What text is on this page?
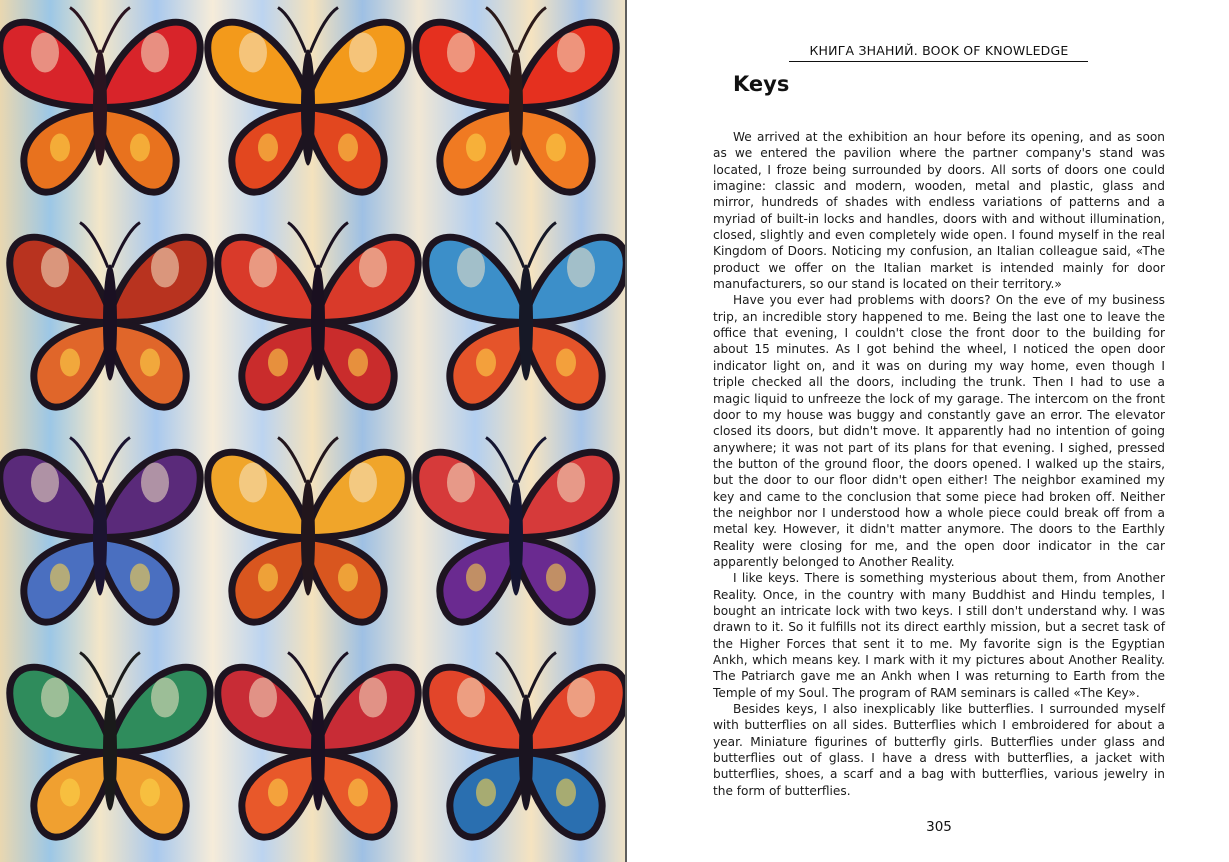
КНИГА ЗНАНИЙ. BOOK OF KNOWLEDGE
Keys

We arrived at the exhibition an hour before its opening, and as soon as we entered the pavilion where the partner company's stand was located, I froze being surrounded by doors. All sorts of doors one could imagine: classic and modern, wooden, metal and plastic, glass and mirror, hundreds of shades with endless variations of patterns and a myriad of built-in locks and handles, doors with and without illumination, closed, slightly and even completely wide open. I found myself in the real Kingdom of Doors. Noticing my confusion, an Italian colleague said, «The product we offer on the Italian market is intended mainly for door manufacturers, so our stand is located on their territory.»

Have you ever had problems with doors? On the eve of my business trip, an incredible story happened to me. Being the last one to leave the office that evening, I couldn't close the front door to the building for about 15 minutes. As I got behind the wheel, I noticed the open door indicator light on, and it was on during my way home, even though I triple checked all the doors, including the trunk. Then I had to use a magic liquid to unfreeze the lock of my garage. The intercom on the front door to my house was buggy and constantly gave an error. The elevator closed its doors, but didn't move. It apparently had no intention of going anywhere; it was not part of its plans for that evening. I sighed, pressed the button of the ground floor, the doors opened. I walked up the stairs, but the door to our floor didn't open either! The neighbor examined my key and came to the conclusion that some piece had broken off. Neither the neighbor nor I understood how a whole piece could break off from a metal key. However, it didn't matter anymore. The doors to the Earthly Reality were closing for me, and the open door indicator in the car apparently belonged to Another Reality.

I like keys. There is something mysterious about them, from Another Reality. Once, in the country with many Buddhist and Hindu temples, I bought an intricate lock with two keys. I still don't understand why. I was drawn to it. So it fulfills not its direct earthly mission, but a secret task of the Higher Forces that sent it to me. My favorite sign is the Egyptian Ankh, which means key. I mark with it my pictures about Another Reality. The Patriarch gave me an Ankh when I was returning to Earth from the Temple of my Soul. The program of RAM seminars is called «The Key».

Besides keys, I also inexplicably like butterflies. I surrounded myself with butterflies on all sides. Butterflies which I embroidered for about a year. Miniature figurines of butterfly girls. Butterflies under glass and butterflies out of glass. I have a dress with butterflies, a jacket with butterflies, shoes, a scarf and a bag with butterflies, various jewelry in the form of butterflies.

305
